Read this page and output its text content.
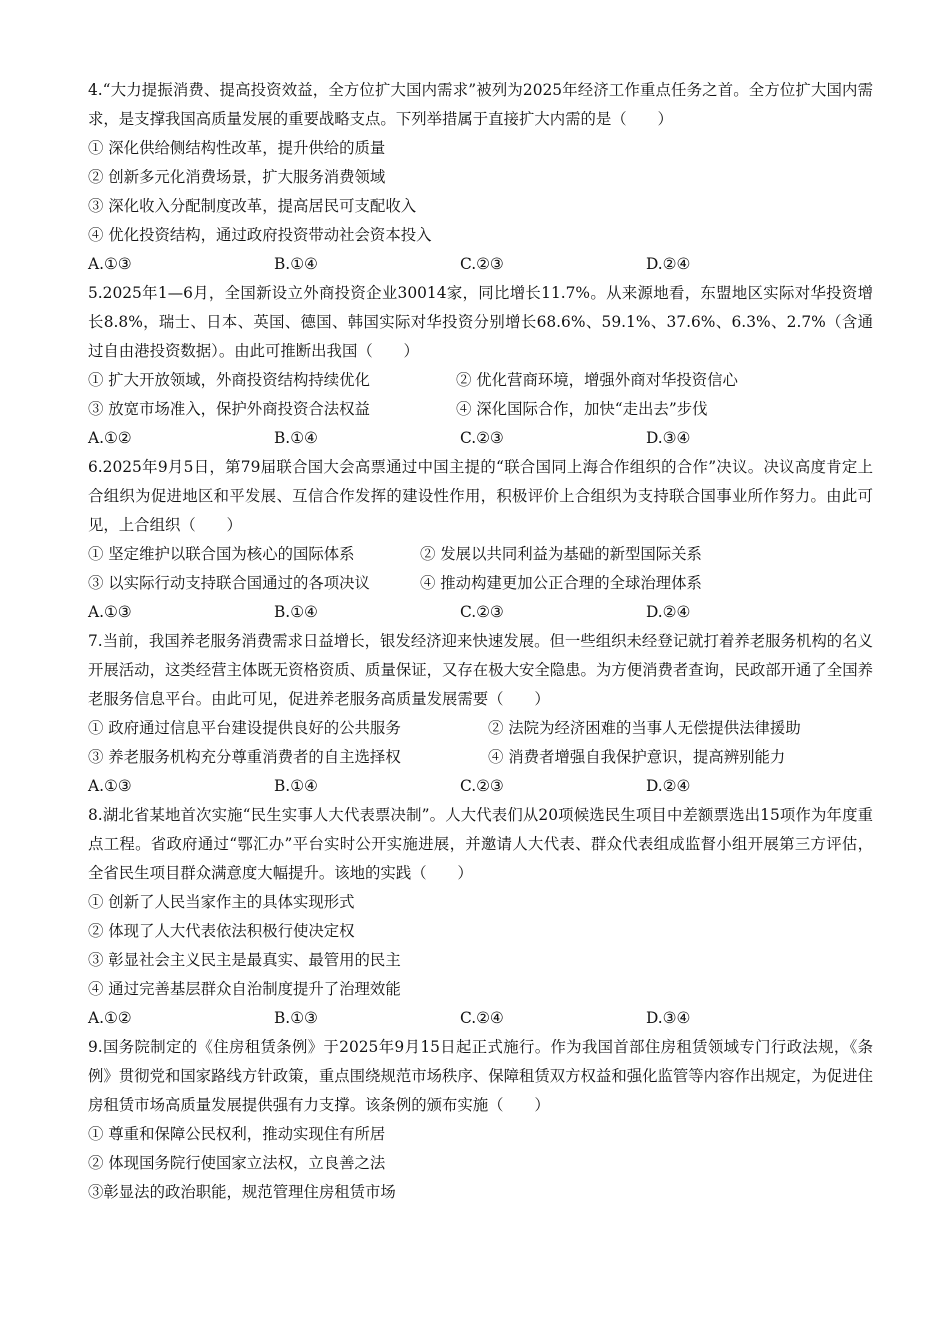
4.“大力提振消费、提高投资效益，全方位扩大国内需求”被列为2025年经济工作重点任务之首。全方位扩大国内需求，是支撑我国高质量发展的重要战略支点。下列举措属于直接扩大内需的是（　　）
① 深化供给侧结构性改革，提升供给的质量
② 创新多元化消费场景，扩大服务消费领域
③ 深化收入分配制度改革，提高居民可支配收入
④ 优化投资结构，通过政府投资带动社会资本投入
A.①③	B.①④	C.②③	D.②④
5.2025年1—6月，全国新设立外商投资企业30014家，同比增长11.7%。从来源地看，东盟地区实际对华投资增长8.8%，瑞士、日本、英国、德国、韩国实际对华投资分别增长68.6%、59.1%、37.6%、6.3%、2.7%（含通过自由港投资数据）。由此可推断出我国（　　）
① 扩大开放领域，外商投资结构持续优化	② 优化营商环境，增强外商对华投资信心
③ 放宽市场准入，保护外商投资合法权益	④ 深化国际合作，加快“走出去”步伐
A.①②	B.①④	C.②③	D.③④
6.2025年9月5日，第79届联合国大会高票通过中国主提的“联合国同上海合作组织的合作”决议。决议高度肯定上合组织为促进地区和平发展、互信合作发挥的建设性作用，积极评价上合组织为支持联合国事业所作努力。由此可见，上合组织（　　）
① 坚定维护以联合国为核心的国际体系	② 发展以共同利益为基础的新型国际关系
③ 以实际行动支持联合国通过的各项决议	④ 推动构建更加公正合理的全球治理体系
A.①③	B.①④	C.②③	D.②④
7.当前，我国养老服务消费需求日益增长，银发经济迎来快速发展。但一些组织未经登记就打着养老服务机构的名义开展活动，这类经营主体既无资格资质、质量保证，又存在极大安全隐患。为方便消费者查询，民政部开通了全国养老服务信息平台。由此可见，促进养老服务高质量发展需要（　　）
① 政府通过信息平台建设提供良好的公共服务	② 法院为经济困难的当事人无偿提供法律援助
③ 养老服务机构充分尊重消费者的自主选择权	④ 消费者增强自我保护意识，提高辨别能力
A.①③	B.①④	C.②③	D.②④
8.湖北省某地首次实施“民生实事人大代表票决制”。人大代表们从20项候选民生项目中差额票选出15项作为年度重点工程。省政府通过“鄂汇办”平台实时公开实施进展，并邀请人大代表、群众代表组成监督小组开展第三方评估，全省民生项目群众满意度大幅提升。该地的实践（　　）
① 创新了人民当家作主的具体实现形式
② 体现了人大代表依法积极行使决定权
③ 彰显社会主义民主是最真实、最管用的民主
④ 通过完善基层群众自治制度提升了治理效能
A.①②	B.①③	C.②④	D.③④
9.国务院制定的《住房租赁条例》于2025年9月15日起正式施行。作为我国首部住房租赁领域专门行政法规，《条例》贯彻党和国家路线方针政策，重点围绕规范市场秩序、保障租赁双方权益和强化监管等内容作出规定，为促进住房租赁市场高质量发展提供强有力支撑。该条例的颁布实施（　　）
① 尊重和保障公民权利，推动实现住有所居
② 体现国务院行使国家立法权，立良善之法
③彰显法的政治职能，规范管理住房租赁市场
